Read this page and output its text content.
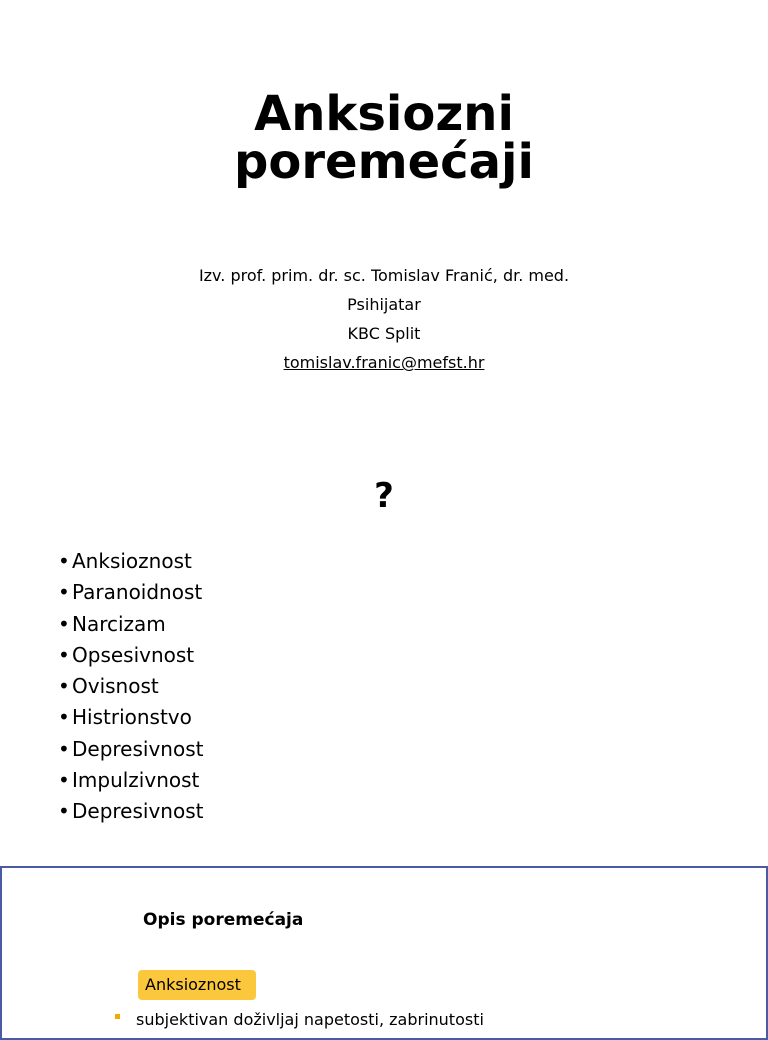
Anksiozni
poremećaji
Izv. prof. prim. dr. sc. Tomislav Franić, dr. med.
Psihijatar
KBC Split
tomislav.franic@mefst.hr
?
• Anksioznost
• Paranoidnost
• Narcizam
• Opsesivnost
• Ovisnost
• Histrionstvo
• Depresivnost
• Impulzivnost
• Depresivnost
Opis poremećaja
Anksioznost
subjektivan doživljaj napetosti, zabrinutosti
